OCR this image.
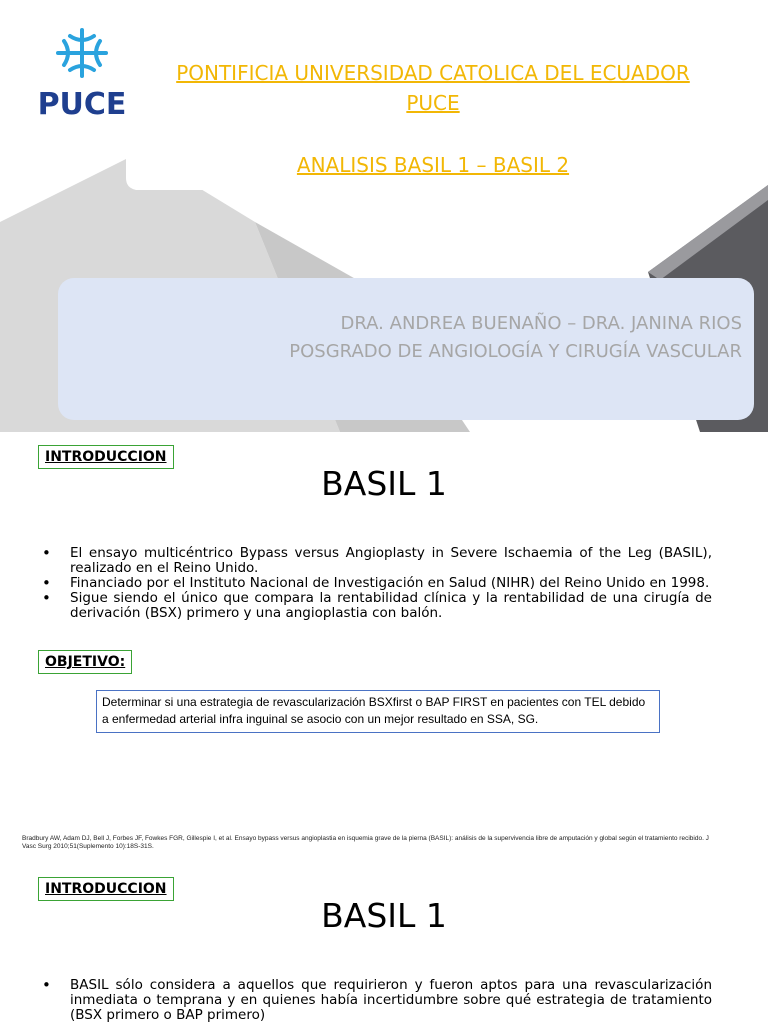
PUCE
PONTIFICIA UNIVERSIDAD CATOLICA DEL ECUADOR
PUCE
ANALISIS BASIL 1 – BASIL 2
DRA. ANDREA BUENAÑO – DRA. JANINA RIOS
POSGRADO DE ANGIOLOGÍA Y CIRUGÍA VASCULAR
INTRODUCCION
BASIL 1
• El ensayo multicéntrico Bypass versus Angioplasty in Severe Ischaemia of the Leg (BASIL), realizado en el Reino Unido.
• Financiado por el Instituto Nacional de Investigación en Salud (NIHR) del Reino Unido en 1998.
• Sigue siendo el único que compara la rentabilidad clínica y la rentabilidad de una cirugía de derivación (BSX) primero y una angioplastia con balón.
OBJETIVO:
Determinar si una estrategia de revascularización BSXfirst o BAP FIRST en pacientes con TEL debido a enfermedad arterial infra inguinal se asocio con un mejor resultado en SSA, SG.
Bradbury AW, Adam DJ, Bell J, Forbes JF, Fowkes FGR, Gillespie I, et al. Ensayo bypass versus angioplastia en isquemia grave de la pierna (BASIL): análisis de la supervivencia libre de amputación y global según el tratamiento recibido. J Vasc Surg 2010;51(Suplemento 10):18S-31S.
INTRODUCCION
BASIL 1
• BASIL sólo considera a aquellos que requirieron y fueron aptos para una revascularización inmediata o temprana y en quienes había incertidumbre sobre qué estrategia de tratamiento (BSX primero o BAP primero)
